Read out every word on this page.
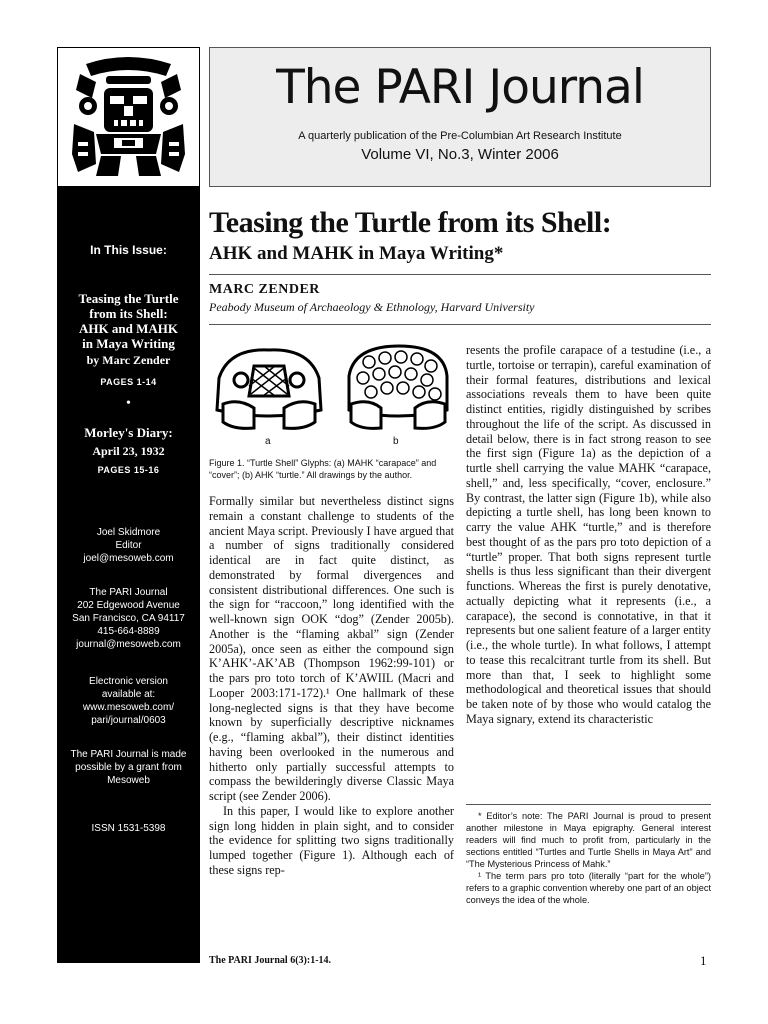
In This Issue:
Teasing the Turtle
from its Shell:
AHK and MAHK
in Maya Writing
by Marc Zender
PAGES 1-14
•
Morley's Diary:
April 23, 1932
PAGES 15-16
Joel Skidmore
Editor
joel@mesoweb.com
The PARI Journal
202 Edgewood Avenue
San Francisco, CA 94117
415-664-8889
journal@mesoweb.com
Electronic version
available at:
www.mesoweb.com/
pari/journal/0603
The PARI Journal is made
possible by a grant from
Mesoweb
ISSN 1531-5398
The PARI Journal
A quarterly publication of the Pre-Columbian Art Research Institute
Volume VI, No.3, Winter 2006
Teasing the Turtle from its Shell:
AHK and MAHK in Maya Writing*
MARC ZENDER
Peabody Museum of Archaeology & Ethnology, Harvard University
a	b
Figure 1. “Turtle Shell” Glyphs: (a) MAHK “carapace” and “cover”; (b) AHK “turtle.” All drawings by the author.

Formally similar but nevertheless distinct signs remain a constant challenge to students of the ancient Maya script. Previously I have argued that a number of signs traditionally considered identical are in fact quite distinct, as demonstrated by formal divergences and consistent distributional differences. One such is the sign for “raccoon,” long identified with the well-known sign OOK “dog” (Zender 2005b). Another is the “flaming akbal” sign (Zender 2005a), once seen as either the compound sign K’AHK’-AK’AB (Thompson 1962:99-101) or the pars pro toto torch of K’AWIIL (Macri and Looper 2003:171-172).¹ One hallmark of these long-neglected signs is that they have become known by superficially descriptive nicknames (e.g., “flaming akbal”), their distinct identities having been overlooked in the numerous and hitherto only partially successful attempts to compass the bewilderingly diverse Classic Maya script (see Zender 2006).

In this paper, I would like to explore another sign long hidden in plain sight, and to consider the evidence for splitting two signs traditionally lumped together (Figure 1). Although each of these signs rep-

resents the profile carapace of a testudine (i.e., a turtle, tortoise or terrapin), careful examination of their formal features, distributions and lexical associations reveals them to have been quite distinct entities, rigidly distinguished by scribes throughout the life of the script. As discussed in detail below, there is in fact strong reason to see the first sign (Figure 1a) as the depiction of a turtle shell carrying the value MAHK “carapace, shell,” and, less specifically, “cover, enclosure.” By contrast, the latter sign (Figure 1b), while also depicting a turtle shell, has long been known to carry the value AHK “turtle,” and is therefore best thought of as the pars pro toto depiction of a “turtle” proper. That both signs represent turtle shells is thus less significant than their divergent functions. Whereas the first is purely denotative, actually depicting what it represents (i.e., a carapace), the second is connotative, in that it represents but one salient feature of a larger entity (i.e., the whole turtle). In what follows, I attempt to tease this recalcitrant turtle from its shell. But more than that, I seek to highlight some methodological and theoretical issues that should be taken note of by those who would catalog the Maya signary, extend its characteristic

* Editor’s note: The PARI Journal is proud to present another milestone in Maya epigraphy. General interest readers will find much to profit from, particularly in the sections entitled “Turtles and Turtle Shells in Maya Art” and “The Mysterious Princess of Mahk.”

¹ The term pars pro toto (literally “part for the whole”) refers to a graphic convention whereby one part of an object conveys the idea of the whole.

The PARI Journal 6(3):1-14.	1
